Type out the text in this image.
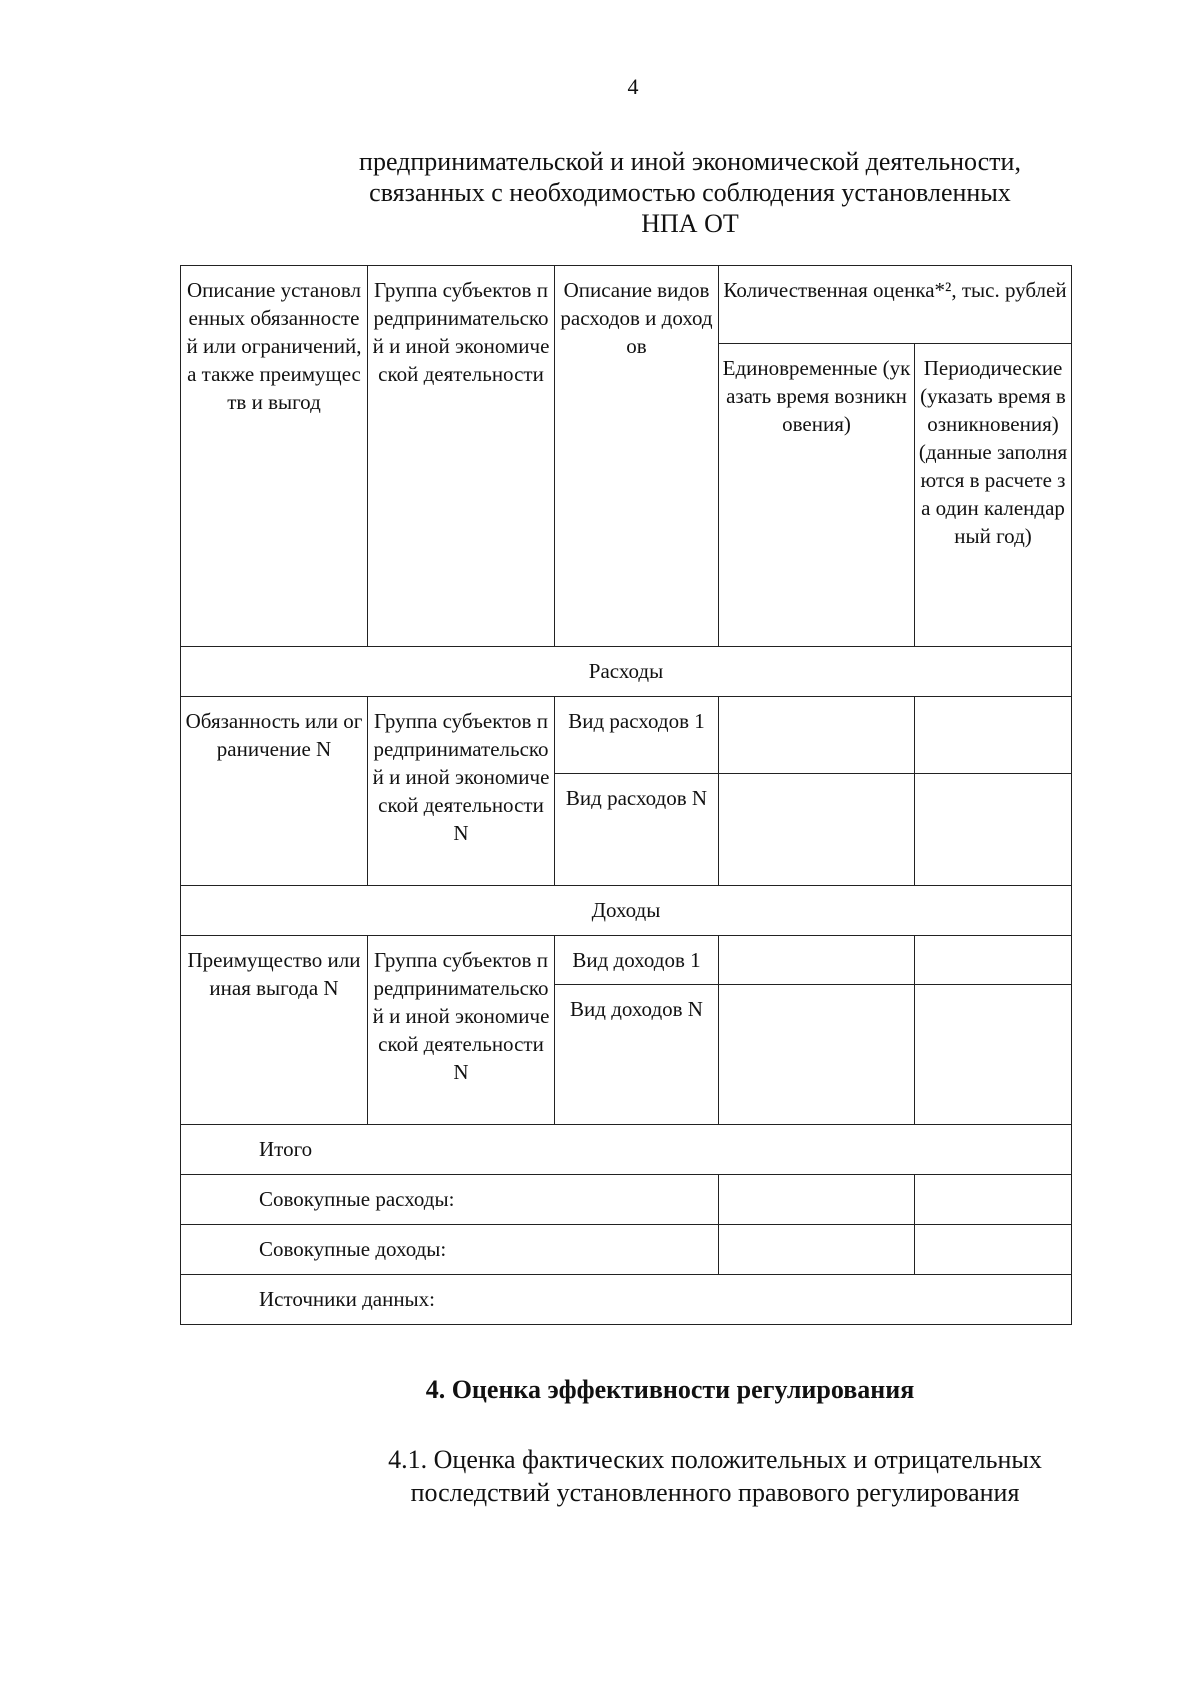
4
предпринимательской и иной экономической деятельности,
связанных с необходимостью соблюдения установленных
НПА ОТ
Описание установленных обязанностей или ограничений, а также преимуществ и выгод	Группа субъектов предпринимательской и иной экономической деятельности	Описание видов расходов и доходов	Количественная оценка*², тыс. рублей	
			Единовременные (указать время возникновения)	Периодические (указать время возникновения) (данные заполняются в расчете за один календарный год)
Расходы				
Обязанность или ограничение N	Группа субъектов предпринимательской и иной экономической деятельности N	Вид расходов 1		
		Вид расходов N		
Доходы				
Преимущество или иная выгода N	Группа субъектов предпринимательской и иной экономической деятельности N	Вид доходов 1		
		Вид доходов N		
Итого				
Совокупные расходы:				
Совокупные доходы:				
Источники данных:				
4. Оценка эффективности регулирования
4.1. Оценка фактических положительных и отрицательных
последствий установленного правового регулирования
